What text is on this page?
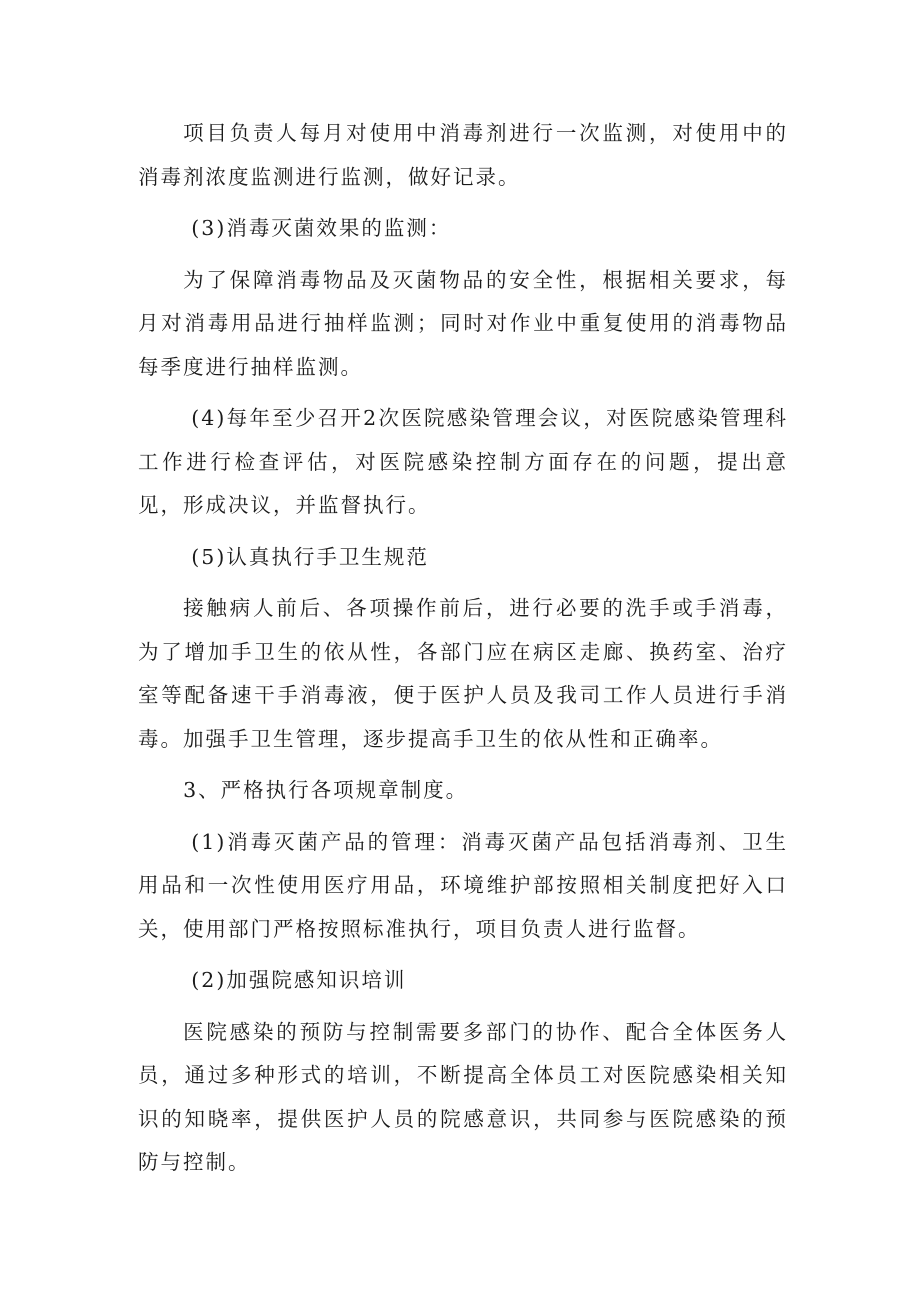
项目负责人每月对使用中消毒剂进行一次监测，对使用中的消毒剂浓度监测进行监测，做好记录。

(3)消毒灭菌效果的监测：

为了保障消毒物品及灭菌物品的安全性，根据相关要求，每月对消毒用品进行抽样监测；同时对作业中重复使用的消毒物品每季度进行抽样监测。

(4)每年至少召开2次医院感染管理会议，对医院感染管理科工作进行检查评估，对医院感染控制方面存在的问题，提出意见，形成决议，并监督执行。

(5)认真执行手卫生规范

接触病人前后、各项操作前后，进行必要的洗手或手消毒，为了增加手卫生的依从性，各部门应在病区走廊、换药室、治疗室等配备速干手消毒液，便于医护人员及我司工作人员进行手消毒。加强手卫生管理，逐步提高手卫生的依从性和正确率。

3、严格执行各项规章制度。

(1)消毒灭菌产品的管理：消毒灭菌产品包括消毒剂、卫生用品和一次性使用医疗用品，环境维护部按照相关制度把好入口关，使用部门严格按照标准执行，项目负责人进行监督。

(2)加强院感知识培训

医院感染的预防与控制需要多部门的协作、配合全体医务人员，通过多种形式的培训，不断提高全体员工对医院感染相关知识的知晓率，提供医护人员的院感意识，共同参与医院感染的预防与控制。
